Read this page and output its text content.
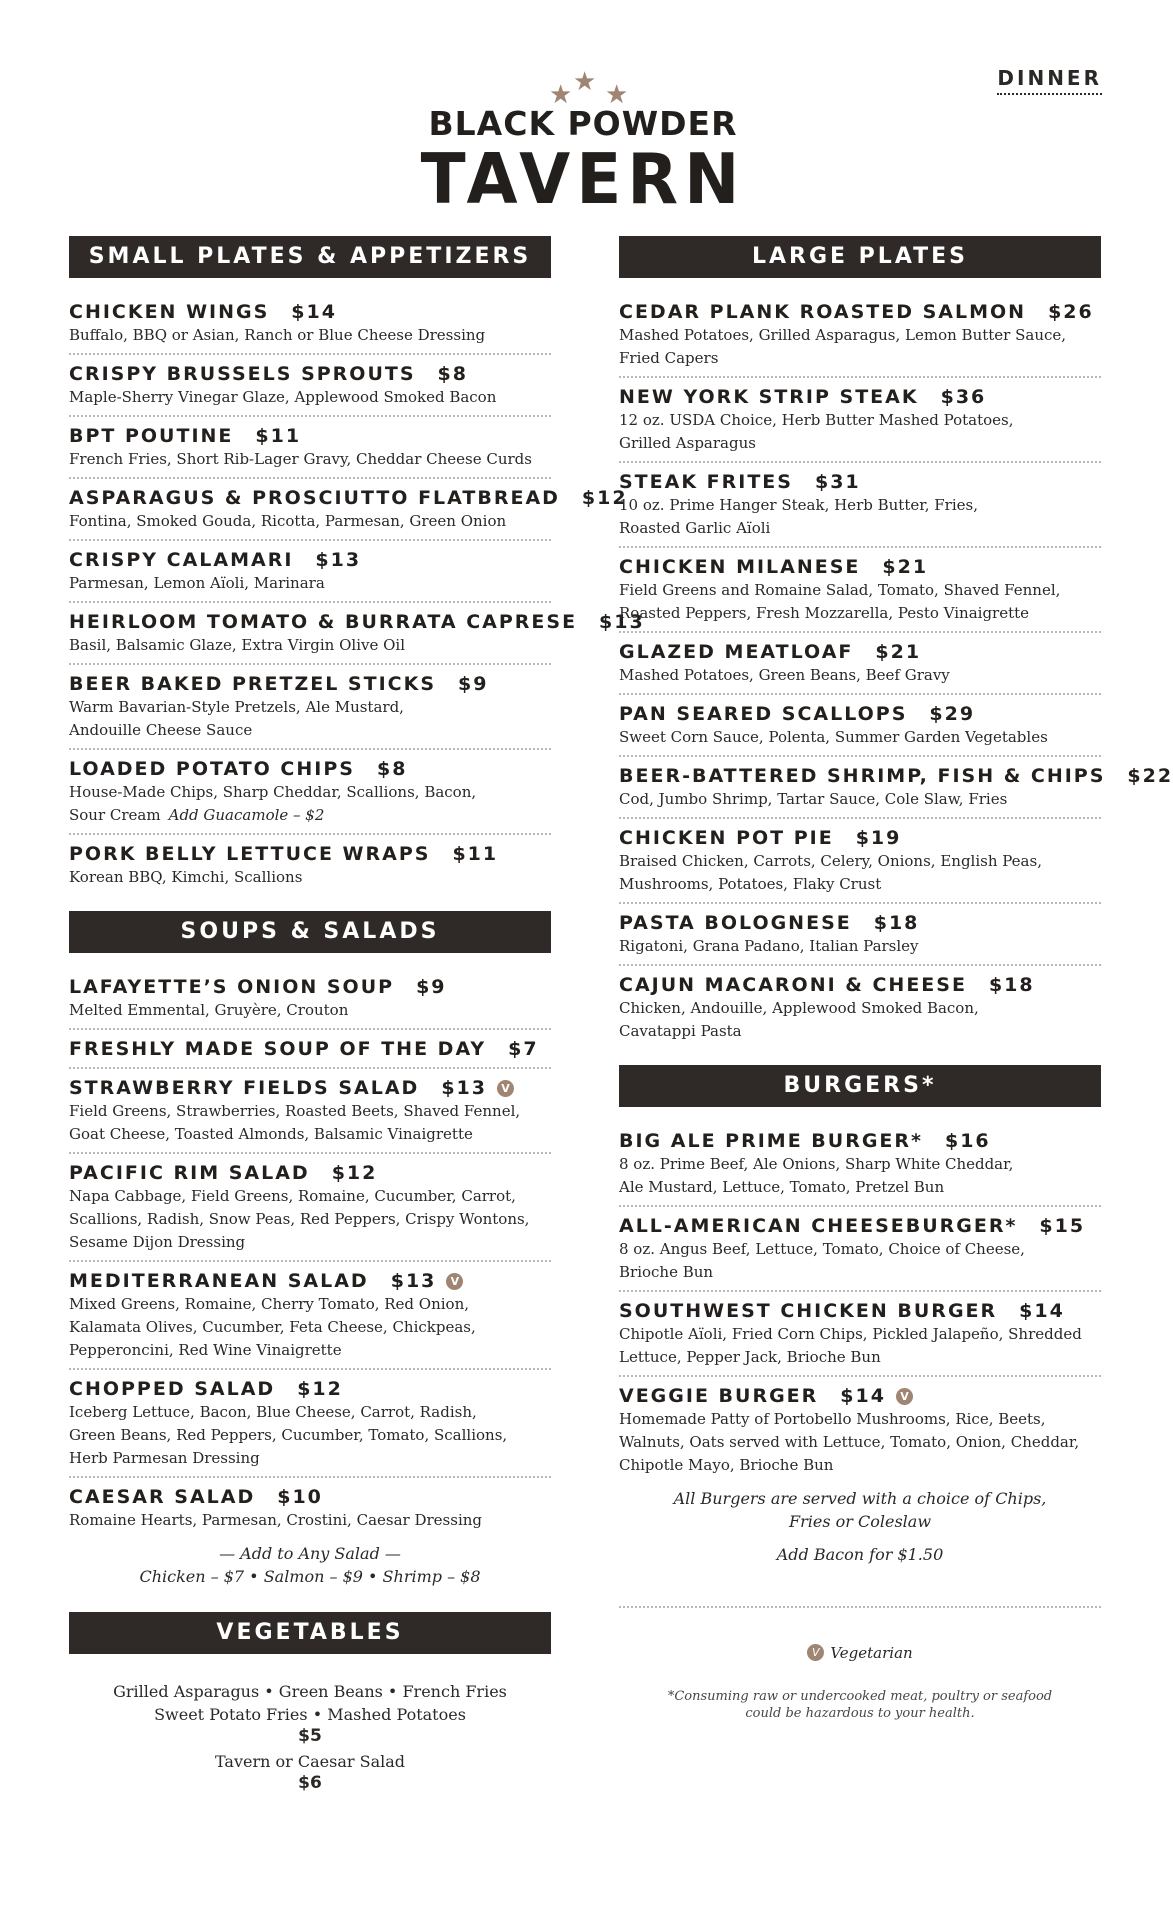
DINNER
★ ★ ★
BLACK POWDER
TAVERN
SMALL PLATES & APPETIZERS
CHICKEN WINGS $14
Buffalo, BBQ or Asian, Ranch or Blue Cheese Dressing
CRISPY BRUSSELS SPROUTS $8
Maple-Sherry Vinegar Glaze, Applewood Smoked Bacon
BPT POUTINE $11
French Fries, Short Rib-Lager Gravy, Cheddar Cheese Curds
ASPARAGUS & PROSCIUTTO FLATBREAD $12
Fontina, Smoked Gouda, Ricotta, Parmesan, Green Onion
CRISPY CALAMARI $13
Parmesan, Lemon Aïoli, Marinara
HEIRLOOM TOMATO & BURRATA CAPRESE $13
Basil, Balsamic Glaze, Extra Virgin Olive Oil
BEER BAKED PRETZEL STICKS $9
Warm Bavarian-Style Pretzels, Ale Mustard,
Andouille Cheese Sauce
LOADED POTATO CHIPS $8
House-Made Chips, Sharp Cheddar, Scallions, Bacon,
Sour Cream Add Guacamole – $2
PORK BELLY LETTUCE WRAPS $11
Korean BBQ, Kimchi, Scallions
SOUPS & SALADS
LAFAYETTE’S ONION SOUP $9
Melted Emmental, Gruyère, Crouton
FRESHLY MADE SOUP OF THE DAY $7
STRAWBERRY FIELDS SALAD $13 V
Field Greens, Strawberries, Roasted Beets, Shaved Fennel,
Goat Cheese, Toasted Almonds, Balsamic Vinaigrette
PACIFIC RIM SALAD $12
Napa Cabbage, Field Greens, Romaine, Cucumber, Carrot,
Scallions, Radish, Snow Peas, Red Peppers, Crispy Wontons,
Sesame Dijon Dressing
MEDITERRANEAN SALAD $13 V
Mixed Greens, Romaine, Cherry Tomato, Red Onion,
Kalamata Olives, Cucumber, Feta Cheese, Chickpeas,
Pepperoncini, Red Wine Vinaigrette
CHOPPED SALAD $12
Iceberg Lettuce, Bacon, Blue Cheese, Carrot, Radish,
Green Beans, Red Peppers, Cucumber, Tomato, Scallions,
Herb Parmesan Dressing
CAESAR SALAD $10
Romaine Hearts, Parmesan, Crostini, Caesar Dressing
— Add to Any Salad —
Chicken – $7 • Salmon – $9 • Shrimp – $8
VEGETABLES
Grilled Asparagus • Green Beans • French Fries
Sweet Potato Fries • Mashed Potatoes
$5
Tavern or Caesar Salad
$6
LARGE PLATES
CEDAR PLANK ROASTED SALMON $26
Mashed Potatoes, Grilled Asparagus, Lemon Butter Sauce,
Fried Capers
NEW YORK STRIP STEAK $36
12 oz. USDA Choice, Herb Butter Mashed Potatoes,
Grilled Asparagus
STEAK FRITES $31
10 oz. Prime Hanger Steak, Herb Butter, Fries,
Roasted Garlic Aïoli
CHICKEN MILANESE $21
Field Greens and Romaine Salad, Tomato, Shaved Fennel,
Roasted Peppers, Fresh Mozzarella, Pesto Vinaigrette
GLAZED MEATLOAF $21
Mashed Potatoes, Green Beans, Beef Gravy
PAN SEARED SCALLOPS $29
Sweet Corn Sauce, Polenta, Summer Garden Vegetables
BEER-BATTERED SHRIMP, FISH & CHIPS $22
Cod, Jumbo Shrimp, Tartar Sauce, Cole Slaw, Fries
CHICKEN POT PIE $19
Braised Chicken, Carrots, Celery, Onions, English Peas,
Mushrooms, Potatoes, Flaky Crust
PASTA BOLOGNESE $18
Rigatoni, Grana Padano, Italian Parsley
CAJUN MACARONI & CHEESE $18
Chicken, Andouille, Applewood Smoked Bacon,
Cavatappi Pasta
BURGERS*
BIG ALE PRIME BURGER* $16
8 oz. Prime Beef, Ale Onions, Sharp White Cheddar,
Ale Mustard, Lettuce, Tomato, Pretzel Bun
ALL-AMERICAN CHEESEBURGER* $15
8 oz. Angus Beef, Lettuce, Tomato, Choice of Cheese,
Brioche Bun
SOUTHWEST CHICKEN BURGER $14
Chipotle Aïoli, Fried Corn Chips, Pickled Jalapeño, Shredded
Lettuce, Pepper Jack, Brioche Bun
VEGGIE BURGER $14 V
Homemade Patty of Portobello Mushrooms, Rice, Beets,
Walnuts, Oats served with Lettuce, Tomato, Onion, Cheddar,
Chipotle Mayo, Brioche Bun
All Burgers are served with a choice of Chips,
Fries or Coleslaw
Add Bacon for $1.50
V Vegetarian
*Consuming raw or undercooked meat, poultry or seafood
could be hazardous to your health.
